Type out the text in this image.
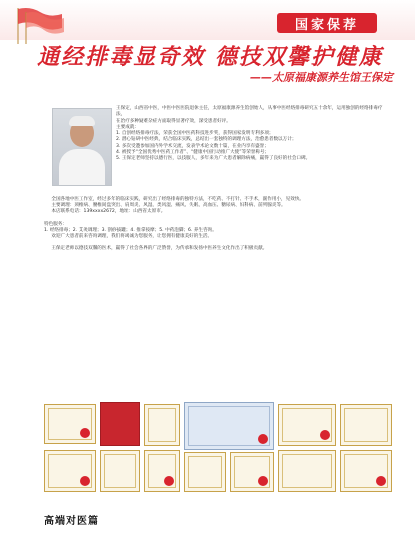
国家保荐
通经排毒显奇效 德技双馨护健康
——太原福康源养生馆王保定

王保定，山西省中医，中医中医医院退休主任，太原福康源养生馆创始人，从事中医经络排毒研究五十余年，运用独创的经络排毒疗法，

在治疗多种疑难杂症方面取得显著疗效，深受患者好评。

主要成就：

1. 自创经络排毒疗法，荣获全国中医药科技进步奖，获得国家发明专利多项；

2. 潜心钻研中医经典，结合临床实践，总结出一套独特的调理方法，治愈患者数以万计；

3. 多次受邀参加国内外学术交流，发表学术论文数十篇，在业内享有盛誉；

4. 被授予“全国优秀中医药工作者”、“健康中国行动推广大使”等荣誉称号；

5. 王保定老师坚持以德行医，以技服人，多年来为广大患者解除病痛，赢得了良好的社会口碑。

全国各地中医工作室，经过多年的临床实践，研究出了经络排毒的独特方法，不吃药、不打针、不手术，副作用小，见效快。

主要调理：颈椎病、腰椎间盘突出、肩周炎、风湿、类风湿、痛风、失眠、高血压、糖尿病、妇科病、前列腺炎等。

本店联系电话：139xxxx2672，地址：山西省太原市。

特色服务：

1. 经络排毒；2. 艾灸调理；3. 刮痧拔罐；4. 推拿按摩；5. 中药泡脚；6. 养生咨询。

欢迎广大患者前来咨询调理，我们将竭诚为您服务，让您拥有健康美好的生活。

王保定老师以德技双馨的医术，赢得了社会各界的广泛赞誉，为传承和发扬中医养生文化作出了积极贡献。

高端对医篇
